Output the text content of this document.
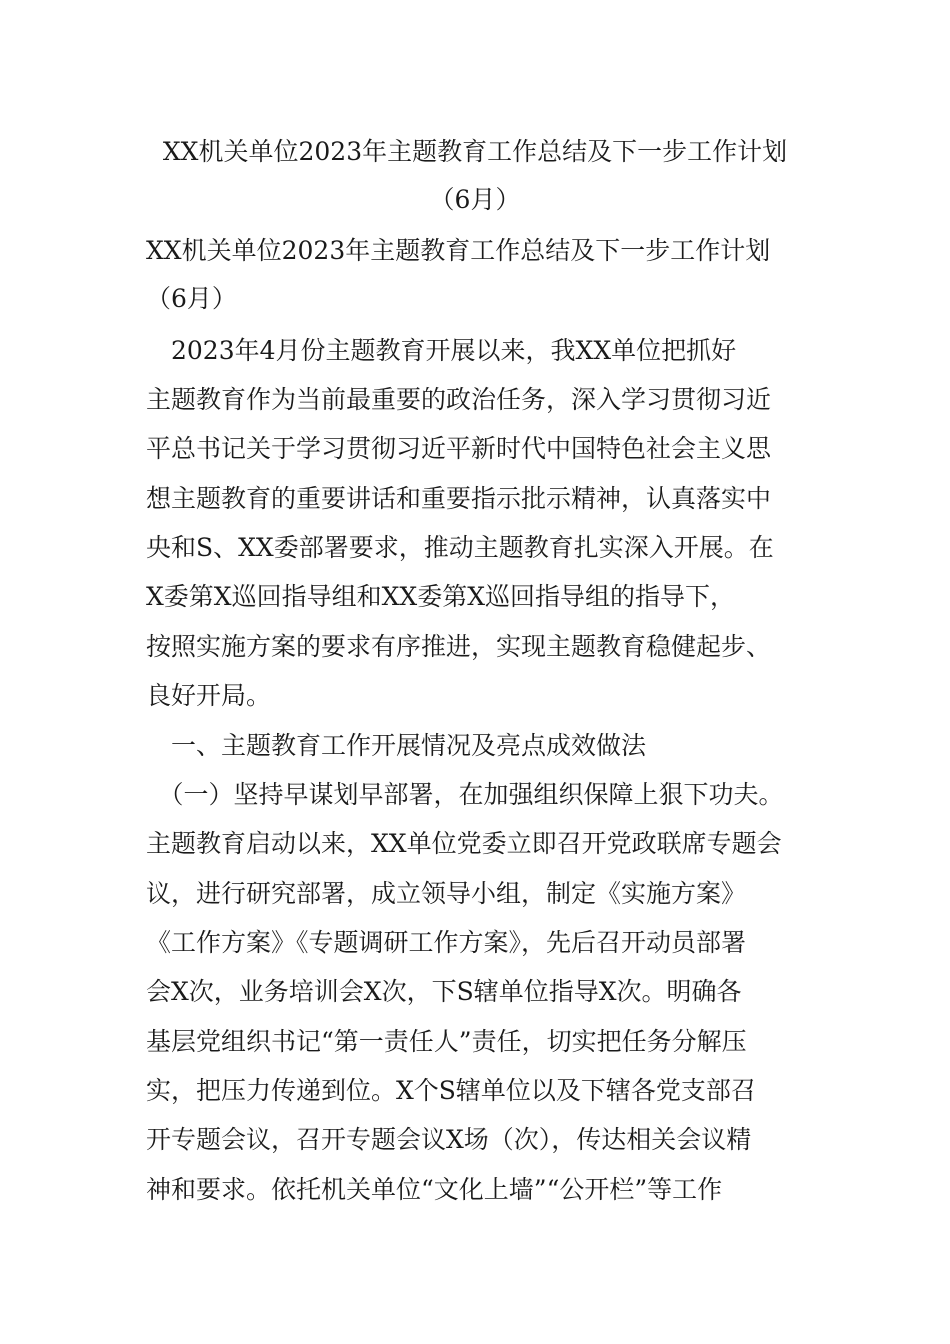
XX机关单位2023年主题教育工作总结及下一步工作计划
（6月）
XX机关单位2023年主题教育工作总结及下一步工作计划
（6月）
　2023年4月份主题教育开展以来，我XX单位把抓好
主题教育作为当前最重要的政治任务，深入学习贯彻习近
平总书记关于学习贯彻习近平新时代中国特色社会主义思
想主题教育的重要讲话和重要指示批示精神，认真落实中
央和S、XX委部署要求，推动主题教育扎实深入开展。在
X委第X巡回指导组和XX委第X巡回指导组的指导下，
按照实施方案的要求有序推进，实现主题教育稳健起步、
良好开局。
　一、主题教育工作开展情况及亮点成效做法
　（一）坚持早谋划早部署，在加强组织保障上狠下功夫。
主题教育启动以来，XX单位党委立即召开党政联席专题会
议，进行研究部署，成立领导小组，制定《实施方案》
《工作方案》《专题调研工作方案》，先后召开动员部署
会X次，业务培训会X次，下S辖单位指导X次。明确各
基层党组织书记“第一责任人”责任，切实把任务分解压
实，把压力传递到位。X个S辖单位以及下辖各党支部召
开专题会议，召开专题会议X场（次），传达相关会议精
神和要求。依托机关单位“文化上墙”“公开栏”等工作
